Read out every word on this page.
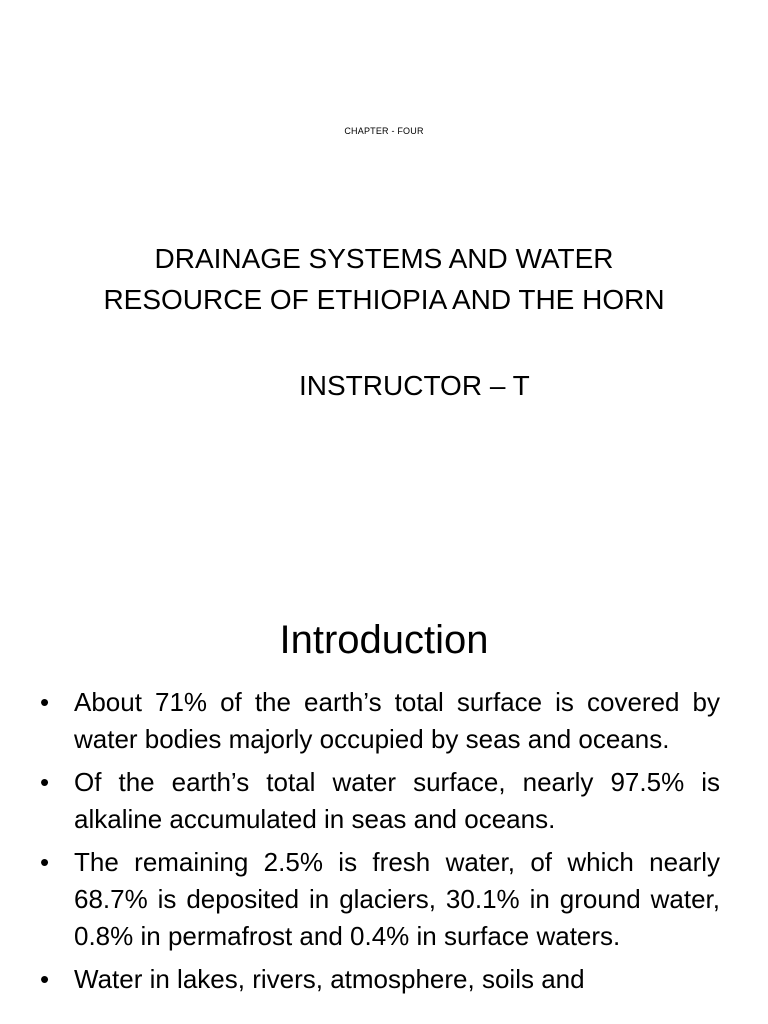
CHAPTER - FOUR
DRAINAGE SYSTEMS AND WATER
RESOURCE OF ETHIOPIA AND THE HORN
INSTRUCTOR – T
Introduction
• About 71% of the earth’s total surface is covered by water bodies majorly occupied by seas and oceans.
• Of the earth’s total water surface, nearly 97.5% is alkaline accumulated in seas and oceans.
• The remaining 2.5% is fresh water, of which nearly 68.7% is deposited in glaciers, 30.1% in ground water, 0.8% in permafrost and 0.4% in surface waters.
• Water in lakes, rivers, atmosphere, soils and
